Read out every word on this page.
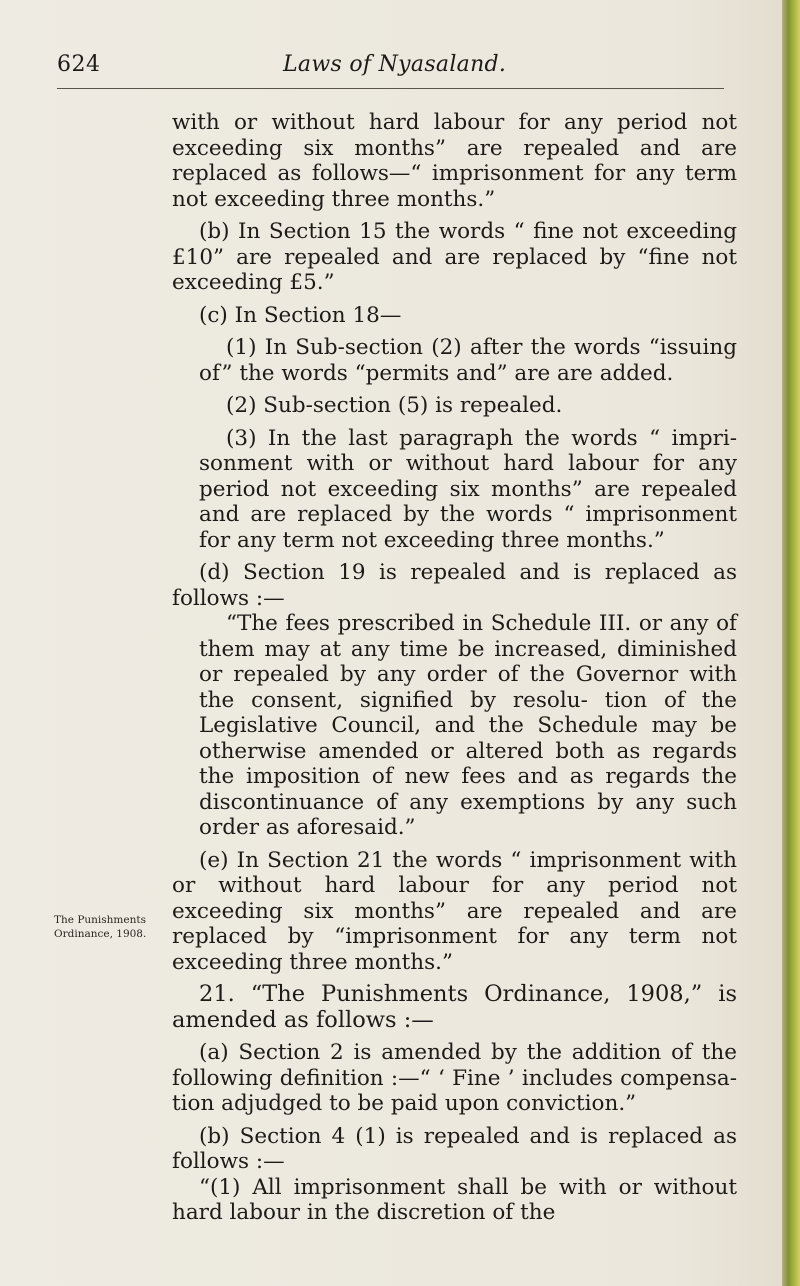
624	Laws of Nyasaland.
The Punishments
Ordinance, 1908.

with or without hard labour for any period not exceeding six months” are repealed and are replaced as follows—“ imprisonment for any term not exceeding three months.”

(b) In Section 15 the words “ fine not exceeding £10” are repealed and are replaced by “fine not exceeding £5.”

(c) In Section 18—

(1) In Sub-section (2) after the words “issuing of” the words “permits and” are are added.

(2) Sub-section (5) is repealed.

(3) In the last paragraph the words “ impri- sonment with or without hard labour for any period not exceeding six months” are repealed and are replaced by the words “ imprisonment for any term not exceeding three months.”

(d) Section 19 is repealed and is replaced as follows :—

“The fees prescribed in Schedule III. or any of them may at any time be increased, diminished or repealed by any order of the Governor with the consent, signified by resolu- tion of the Legislative Council, and the Schedule may be otherwise amended or altered both as regards the imposition of new fees and as regards the discontinuance of any exemptions by any such order as aforesaid.”

(e) In Section 21 the words “ imprisonment with or without hard labour for any period not exceeding six months” are repealed and are replaced by “imprisonment for any term not exceeding three months.”

21. “The Punishments Ordinance, 1908,” is amended as follows :—

(a) Section 2 is amended by the addition of the following definition :—“ ‘ Fine ’ includes compensa- tion adjudged to be paid upon conviction.”

(b) Section 4 (1) is repealed and is replaced as follows :—

“(1) All imprisonment shall be with or without hard labour in the discretion of the
